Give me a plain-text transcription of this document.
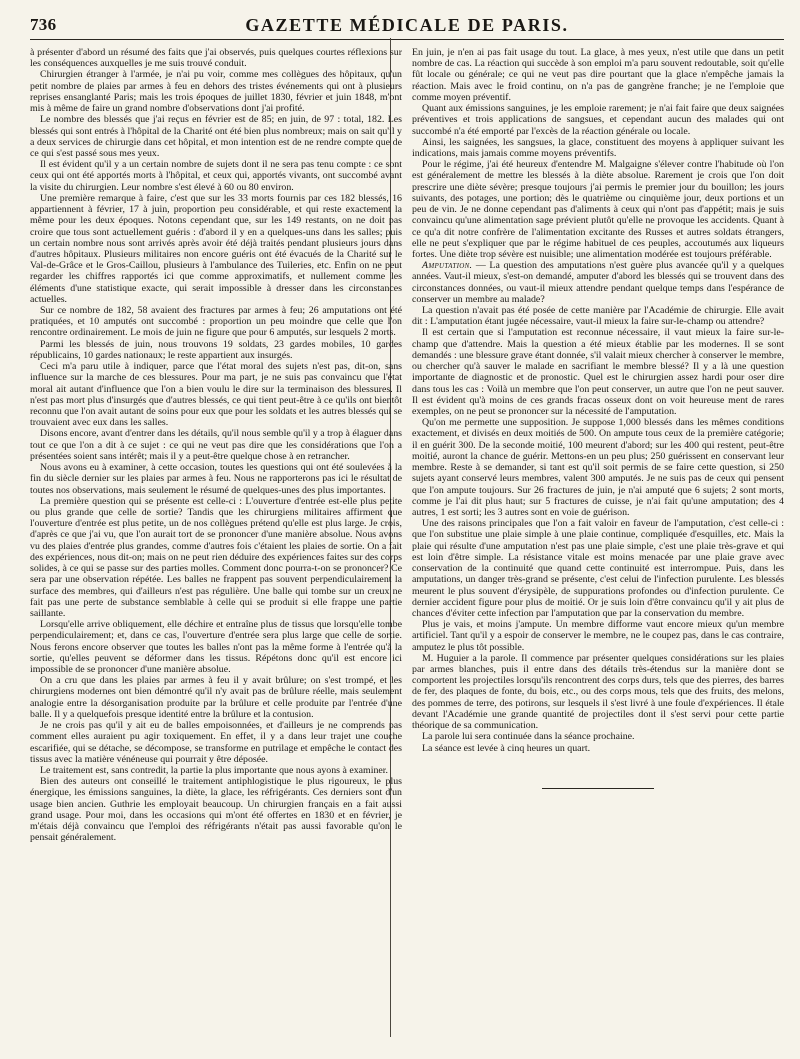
736	GAZETTE MÉDICALE DE PARIS.

à présenter d'abord un résumé des faits que j'ai observés, puis quelques courtes réflexions sur les conséquences auxquelles je me suis trouvé conduit.

Chirurgien étranger à l'armée, je n'ai pu voir, comme mes collègues des hôpitaux, qu'un petit nombre de plaies par armes à feu en dehors des tristes événements qui ont à plusieurs reprises ensanglanté Paris; mais les trois époques de juillet 1830, février et juin 1848, m'ont mis à même de faire un grand nombre d'observations dont j'ai profité.

Le nombre des blessés que j'ai reçus en février est de 85; en juin, de 97 : total, 182. Les blessés qui sont entrés à l'hôpital de la Charité ont été bien plus nombreux; mais on sait qu'il y a deux services de chirurgie dans cet hôpital, et mon intention est de ne rendre compte que de ce qui s'est passé sous mes yeux.

Il est évident qu'il y a un certain nombre de sujets dont il ne sera pas tenu compte : ce sont ceux qui ont été apportés morts à l'hôpital, et ceux qui, apportés vivants, ont succombé avant la visite du chirurgien. Leur nombre s'est élevé à 60 ou 80 environ.

Une première remarque à faire, c'est que sur les 33 morts fournis par ces 182 blessés, 16 appartiennent à février, 17 à juin, proportion peu considérable, et qui reste exactement la même pour les deux époques. Notons cependant que, sur les 149 restants, on ne doit pas croire que tous sont actuellement guéris : d'abord il y en a quelques-uns dans les salles; puis un certain nombre nous sont arrivés après avoir été déjà traités pendant plusieurs jours dans d'autres hôpitaux. Plusieurs militaires non encore guéris ont été évacués de la Charité sur le Val-de-Grâce et le Gros-Caillou, plusieurs à l'ambulance des Tuileries, etc. Enfin on ne peut regarder les chiffres rapportés ici que comme approximatifs, et nullement comme les éléments d'une statistique exacte, qui serait impossible à dresser dans les circonstances actuelles.

Sur ce nombre de 182, 58 avaient des fractures par armes à feu; 26 amputations ont été pratiquées, et 10 amputés ont succombé : proportion un peu moindre que celle que l'on rencontre ordinairement. Le mois de juin ne figure que pour 6 amputés, sur lesquels 2 morts.

Parmi les blessés de juin, nous trouvons 19 soldats, 23 gardes mobiles, 10 gardes républicains, 10 gardes nationaux; le reste appartient aux insurgés.

Ceci m'a paru utile à indiquer, parce que l'état moral des sujets n'est pas, dit-on, sans influence sur la marche de ces blessures. Pour ma part, je ne suis pas convaincu que l'état moral ait autant d'influence que l'on a bien voulu le dire sur la terminaison des blessures. Il n'est pas mort plus d'insurgés que d'autres blessés, ce qui tient peut-être à ce qu'ils ont bientôt reconnu que l'on avait autant de soins pour eux que pour les soldats et les autres blessés qui se trouvaient avec eux dans les salles.

Disons encore, avant d'entrer dans les détails, qu'il nous semble qu'il y a trop à élaguer dans tout ce que l'on a dit à ce sujet : ce qui ne veut pas dire que les considérations que l'on a présentées soient sans intérêt; mais il y a peut-être quelque chose à en retrancher.

Nous avons eu à examiner, à cette occasion, toutes les questions qui ont été soulevées à la fin du siècle dernier sur les plaies par armes à feu. Nous ne rapporterons pas ici le résultat de toutes nos observations, mais seulement le résumé de quelques-unes des plus importantes.

La première question qui se présente est celle-ci : L'ouverture d'entrée est-elle plus petite ou plus grande que celle de sortie? Tandis que les chirurgiens militaires affirment que l'ouverture d'entrée est plus petite, un de nos collègues prétend qu'elle est plus large. Je crois, d'après ce que j'ai vu, que l'on aurait tort de se prononcer d'une manière absolue. Nous avons vu des plaies d'entrée plus grandes, comme d'autres fois c'étaient les plaies de sortie. On a fait des expériences, nous dit-on; mais on ne peut rien déduire des expériences faites sur des corps solides, à ce qui se passe sur des parties molles. Comment donc pourra-t-on se prononcer? Ce sera par une observation répétée. Les balles ne frappent pas souvent perpendiculairement la surface des membres, qui d'ailleurs n'est pas régulière. Une balle qui tombe sur un creux ne fait pas une perte de substance semblable à celle qui se produit si elle frappe une partie saillante.

Lorsqu'elle arrive obliquement, elle déchire et entraîne plus de tissus que lorsqu'elle tombe perpendiculairement; et, dans ce cas, l'ouverture d'entrée sera plus large que celle de sortie. Nous ferons encore observer que toutes les balles n'ont pas la même forme à l'entrée qu'à la sortie, qu'elles peuvent se déformer dans les tissus. Répétons donc qu'il est encore ici impossible de se prononcer d'une manière absolue.

On a cru que dans les plaies par armes à feu il y avait brûlure; on s'est trompé, et les chirurgiens modernes ont bien démontré qu'il n'y avait pas de brûlure réelle, mais seulement analogie entre la désorganisation produite par la brûlure et celle produite par l'entrée d'une balle. Il y a quelquefois presque identité entre la brûlure et la contusion.

Je ne crois pas qu'il y ait eu de balles empoisonnées, et d'ailleurs je ne comprends pas comment elles auraient pu agir toxiquement. En effet, il y a dans leur trajet une couche escarifiée, qui se détache, se décompose, se transforme en putrilage et empêche le contact des tissus avec la matière vénéneuse qui pourrait y être déposée.

Le traitement est, sans contredit, la partie la plus importante que nous ayons à examiner.

Bien des auteurs ont conseillé le traitement antiphlogistique le plus rigoureux, le plus énergique, les émissions sanguines, la diète, la glace, les réfrigérants. Ces derniers sont d'un usage bien ancien. Guthrie les employait beaucoup. Un chirurgien français en a fait aussi grand usage. Pour moi, dans les occasions qui m'ont été offertes en 1830 et en février, je m'étais déjà convaincu que l'emploi des réfrigérants n'était pas aussi favorable qu'on le pensait généralement.

En juin, je n'en ai pas fait usage du tout. La glace, à mes yeux, n'est utile que dans un petit nombre de cas. La réaction qui succède à son emploi m'a paru souvent redoutable, soit qu'elle fût locale ou générale; ce qui ne veut pas dire pourtant que la glace n'empêche jamais la réaction. Mais avec le froid continu, on n'a pas de gangrène franche; je ne l'emploie que comme moyen préventif.

Quant aux émissions sanguines, je les emploie rarement; je n'ai fait faire que deux saignées préventives et trois applications de sangsues, et cependant aucun des malades qui ont succombé n'a été emporté par l'excès de la réaction générale ou locale.

Ainsi, les saignées, les sangsues, la glace, constituent des moyens à appliquer suivant les indications, mais jamais comme moyens préventifs.

Pour le régime, j'ai été heureux d'entendre M. Malgaigne s'élever contre l'habitude où l'on est généralement de mettre les blessés à la diète absolue. Rarement je crois que l'on doit prescrire une diète sévère; presque toujours j'ai permis le premier jour du bouillon; les jours suivants, des potages, une portion; dès le quatrième ou cinquième jour, deux portions et un peu de vin. Je ne donne cependant pas d'aliments à ceux qui n'ont pas d'appétit; mais je suis convaincu qu'une alimentation sage prévient plutôt qu'elle ne provoque les accidents. Quant à ce qu'a dit notre confrère de l'alimentation excitante des Russes et autres soldats étrangers, elle ne peut s'expliquer que par le régime habituel de ces peuples, accoutumés aux liqueurs fortes. Une diète trop sévère est nuisible; une alimentation modérée est toujours préférable.

Amputation. — La question des amputations n'est guère plus avancée qu'il y a quelques années. Vaut-il mieux, s'est-on demandé, amputer d'abord les blessés qui se trouvent dans des circonstances données, ou vaut-il mieux attendre pendant quelque temps dans l'espérance de conserver un membre au malade?

La question n'avait pas été posée de cette manière par l'Académie de chirurgie. Elle avait dit : L'amputation étant jugée nécessaire, vaut-il mieux la faire sur-le-champ ou attendre?

Il est certain que si l'amputation est reconnue nécessaire, il vaut mieux la faire sur-le-champ que d'attendre. Mais la question a été mieux établie par les modernes. Il se sont demandés : une blessure grave étant donnée, s'il valait mieux chercher à conserver le membre, ou chercher qu'à sauver le malade en sacrifiant le membre blessé? Il y a là une question importante de diagnostic et de pronostic. Quel est le chirurgien assez hardi pour oser dire dans tous les cas : Voilà un membre que l'on peut conserver, un autre que l'on ne peut sauver. Il est évident qu'à moins de ces grands fracas osseux dont on voit heureuse ment de rares exemples, on ne peut se prononcer sur la nécessité de l'amputation.

Qu'on me permette une supposition. Je suppose 1,000 blessés dans les mêmes conditions exactement, et divisés en deux moitiés de 500. On ampute tous ceux de la première catégorie; il en guérit 300. De la seconde moitié, 100 meurent d'abord; sur les 400 qui restent, peut-être moitié, auront la chance de guérir. Mettons-en un peu plus; 250 guérissent en conservant leur membre. Reste à se demander, si tant est qu'il soit permis de se faire cette question, si 250 sujets ayant conservé leurs membres, valent 300 amputés. Je ne suis pas de ceux qui pensent que l'on ampute toujours. Sur 26 fractures de juin, je n'ai amputé que 6 sujets; 2 sont morts, comme je l'ai dit plus haut; sur 5 fractures de cuisse, je n'ai fait qu'une amputation; des 4 autres, 1 est sorti; les 3 autres sont en voie de guérison.

Une des raisons principales que l'on a fait valoir en faveur de l'amputation, c'est celle-ci : que l'on substitue une plaie simple à une plaie continue, compliquée d'esquilles, etc. Mais la plaie qui résulte d'une amputation n'est pas une plaie simple, c'est une plaie très-grave et qui est loin d'être simple. La résistance vitale est moins menacée par une plaie grave avec conservation de la continuité que quand cette continuité est interrompue. Puis, dans les amputations, un danger très-grand se présente, c'est celui de l'infection purulente. Les blessés meurent le plus souvent d'érysipèle, de suppurations profondes ou d'infection purulente. Ce dernier accident figure pour plus de moitié. Or je suis loin d'être convaincu qu'il y ait plus de chances d'éviter cette infection par l'amputation que par la conservation du membre.

Plus je vais, et moins j'ampute. Un membre difforme vaut encore mieux qu'un membre artificiel. Tant qu'il y a espoir de conserver le membre, ne le coupez pas, dans le cas contraire, amputez le plus tôt possible.

M. Huguier a la parole. Il commence par présenter quelques considérations sur les plaies par armes blanches, puis il entre dans des détails très-étendus sur la manière dont se comportent les projectiles lorsqu'ils rencontrent des corps durs, tels que des pierres, des barres de fer, des plaques de fonte, du bois, etc., ou des corps mous, tels que des fruits, des melons, des pommes de terre, des potirons, sur lesquels il s'est livré à une foule d'expériences. Il étale devant l'Académie une grande quantité de projectiles dont il s'est servi pour cette partie théorique de sa communication.

La parole lui sera continuée dans la séance prochaine.

La séance est levée à cinq heures un quart.
